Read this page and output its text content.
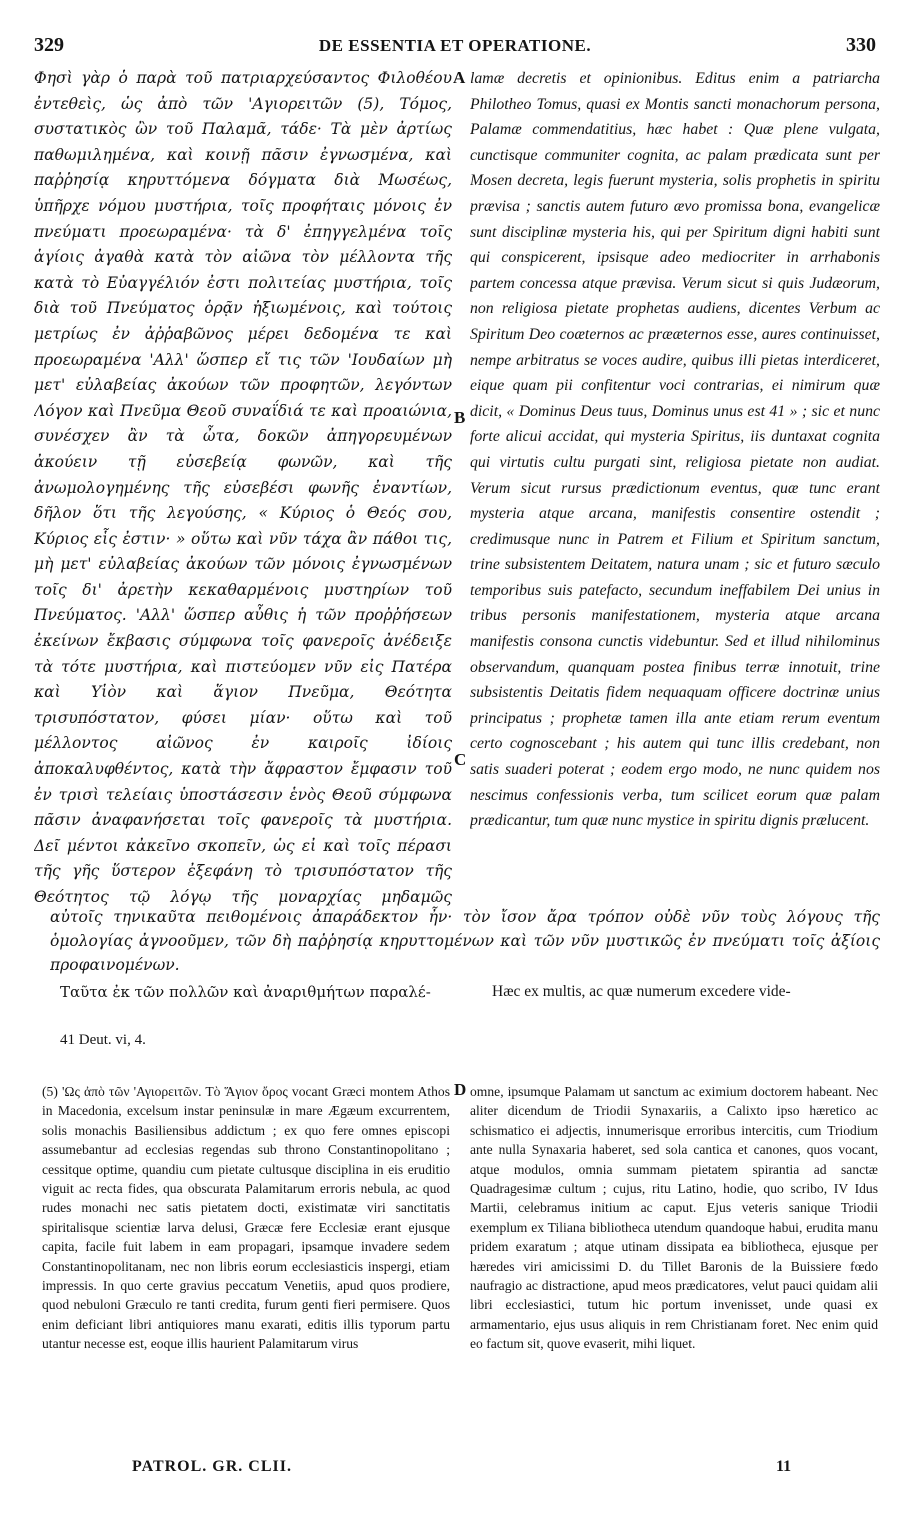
329	DE ESSENTIA ET OPERATIONE.	330

Φησὶ γὰρ ὁ παρὰ τοῦ πατριαρχεύσαντος Φιλοθέου ἐντεθεὶς, ὡς ἀπὸ τῶν 'Αγιορειτῶν (5), Τόμος, συστατικὸς ὢν τοῦ Παλαμᾶ, τάδε· Τὰ μὲν ἀρτίως παθωμιλημένα, καὶ κοινῇ πᾶσιν ἐγνωσμένα, καὶ παῤῥησίᾳ κηρυττόμενα δόγματα διὰ Μωσέως, ὑπῆρχε νόμου μυστήρια, τοῖς προφήταις μόνοις ἐν πνεύματι προεωραμένα· τὰ δ' ἐπηγγελμένα τοῖς ἁγίοις ἀγαθὰ κατὰ τὸν αἰῶνα τὸν μέλλοντα τῆς κατὰ τὸ Εὐαγγέλιόν ἐστι πολιτείας μυστήρια, τοῖς διὰ τοῦ Πνεύματος ὁρᾷν ἠξιωμένοις, καὶ τούτοις μετρίως ἐν ἀῤῥαβῶνος μέρει δεδομένα τε καὶ προεωραμένα 'Αλλ' ὥσπερ εἴ τις τῶν 'Ιουδαίων μὴ μετ' εὐλαβείας ἀκούων τῶν προφητῶν, λεγόντων Λόγον καὶ Πνεῦμα Θεοῦ συναΐδιά τε καὶ προαιώνια, συνέσχεν ἂν τὰ ὦτα, δοκῶν ἀπηγορευμένων ἀκούειν τῇ εὐσεβείᾳ φωνῶν, καὶ τῆς ἀνωμολογημένης τῆς εὐσεβέσι φωνῆς ἐναντίων, δῆλον ὅτι τῆς λεγούσης, « Κύριος ὁ Θεός σου, Κύριος εἷς ἐστιν· » οὕτω καὶ νῦν τάχα ἂν πάθοι τις, μὴ μετ' εὐλαβείας ἀκούων τῶν μόνοις ἐγνωσμένων τοῖς δι' ἀρετὴν κεκαθαρμένοις μυστηρίων τοῦ Πνεύματος. 'Αλλ' ὥσπερ αὖθις ἡ τῶν προῤῥήσεων ἐκείνων ἔκβασις σύμφωνα τοῖς φανεροῖς ἀνέδειξε τὰ τότε μυστήρια, καὶ πιστεύομεν νῦν εἰς Πατέρα καὶ Υἱὸν καὶ ἅγιον Πνεῦμα, Θεότητα τρισυπόστατον, φύσει μίαν· οὕτω καὶ τοῦ μέλλοντος αἰῶνος ἐν καιροῖς ἰδίοις ἀποκαλυφθέντος, κατὰ τὴν ἄφραστον ἔμφασιν τοῦ ἐν τρισὶ τελείαις ὑποστάσεσιν ἑνὸς Θεοῦ σύμφωνα πᾶσιν ἀναφανήσεται τοῖς φανεροῖς τὰ μυστήρια. Δεῖ μέντοι κἀκεῖνο σκοπεῖν, ὡς εἰ καὶ τοῖς πέρασι τῆς γῆς ὕστερον ἐξεφάνη τὸ τρισυπόστατον τῆς Θεότητος τῷ λόγῳ τῆς μοναρχίας μηδαμῶς

lamæ decretis et opinionibus. Editus enim a patriarcha Philotheo Tomus, quasi ex Montis sancti monachorum persona, Palamæ commendatitius, hæc habet : Quæ plene vulgata, cunctisque communiter cognita, ac palam prædicata sunt per Mosen decreta, legis fuerunt mysteria, solis prophetis in spiritu prævisa ; sanctis autem futuro ævo promissa bona, evangelicæ sunt disciplinæ mysteria his, qui per Spiritum digni habiti sunt qui conspicerent, ipsisque adeo mediocriter in arrhabonis partem concessa atque prævisa. Verum sicut si quis Judæorum, non religiosa pietate prophetas audiens, dicentes Verbum ac Spiritum Deo coæternos ac prææternos esse, aures continuisset, nempe arbitratus se voces audire, quibus illi pietas interdiceret, eique quam pii confitentur voci contrarias, ei nimirum quæ dicit, « Dominus Deus tuus, Dominus unus est 41 » ; sic et nunc forte alicui accidat, qui mysteria Spiritus, iis duntaxat cognita qui virtutis cultu purgati sint, religiosa pietate non audiat. Verum sicut rursus prædictionum eventus, quæ tunc erant mysteria atque arcana, manifestis consentire ostendit ; credimusque nunc in Patrem et Filium et Spiritum sanctum, trine subsistentem Deitatem, natura unam ; sic et futuro sæculo temporibus suis patefacto, secundum ineffabilem Dei unius in tribus personis manifestationem, mysteria atque arcana manifestis consona cunctis videbuntur. Sed et illud nihilominus observandum, quanquam postea finibus terræ innotuit, trine subsistentis Deitatis fidem nequaquam officere doctrinæ unius principatus ; prophetæ tamen illa ante etiam rerum eventum certo cognoscebant ; his autem qui tunc illis credebant, non satis suaderi poterat ; eodem ergo modo, ne nunc quidem nos nescimus confessionis verba, tum scilicet eorum quæ palam prædicantur, tum quæ nunc mystice in spiritu dignis prælucent.

A
B
C
D

αὐτοῖς τηνικαῦτα πειθομένοις ἀπαράδεκτον ἦν· τὸν ἴσον ἄρα τρόπον οὐδὲ νῦν τοὺς λόγους τῆς ὁμολογίας ἀγνοοῦμεν, τῶν δὴ παῤῥησίᾳ κηρυττομένων καὶ τῶν νῦν μυστικῶς ἐν πνεύματι τοῖς ἀξίοις προφαινομένων.

Ταῦτα ἐκ τῶν πολλῶν καὶ ἀναριθμήτων παραλέ-	Hæc ex multis, ac quæ numerum excedere vide-
41 Deut. vi, 4.

(5) 'Ως ἀπὸ τῶν 'Αγιορειτῶν. Τὸ Ἅγιον ὄρος vocant Græci montem Athos in Macedonia, excelsum instar peninsulæ in mare Ægæum excurrentem, solis monachis Basiliensibus addictum ; ex quo fere omnes episcopi assumebantur ad ecclesias regendas sub throno Constantinopolitano ; cessitque optime, quandiu cum pietate cultusque disciplina in eis eruditio viguit ac recta fides, qua obscurata Palamitarum erroris nebula, ac quod rudes monachi nec satis pietatem docti, existimatæ viri sanctitatis spiritalisque scientiæ larva delusi, Græcæ fere Ecclesiæ erant ejusque capita, facile fuit labem in eam propagari, ipsamque invadere sedem Constantinopolitanam, nec non libris eorum ecclesiasticis inspergi, etiam impressis. In quo certe gravius peccatum Venetiis, apud quos prodiere, quod nebuloni Græculo re tanti credita, furum genti fieri permisere. Quos enim deficiant libri antiquiores manu exarati, editis illis typorum partu utantur necesse est, eoque illis haurient Palamitarum virus

omne, ipsumque Palamam ut sanctum ac eximium doctorem habeant. Nec aliter dicendum de Triodii Synaxariis, a Calixto ipso hæretico ac schismatico ei adjectis, innumerisque erroribus intercitis, cum Triodium ante nulla Synaxaria haberet, sed sola cantica et canones, quos vocant, atque modulos, omnia summam pietatem spirantia ad sanctæ Quadragesimæ cultum ; cujus, ritu Latino, hodie, quo scribo, IV Idus Martii, celebramus initium ac caput. Ejus veteris sanique Triodii exemplum ex Tiliana bibliotheca utendum quandoque habui, erudita manu pridem exaratum ; atque utinam dissipata ea bibliotheca, ejusque per hæredes viri amicissimi D. du Tillet Baronis de la Buissiere fœdo naufragio ac distractione, apud meos prædicatores, velut pauci quidam alii libri ecclesiastici, tutum hic portum invenisset, unde quasi ex armamentario, ejus usus aliquis in rem Christianam foret. Nec enim quid eo factum sit, quove evaserit, mihi liquet.

PATROL. GR. CLII.	11
